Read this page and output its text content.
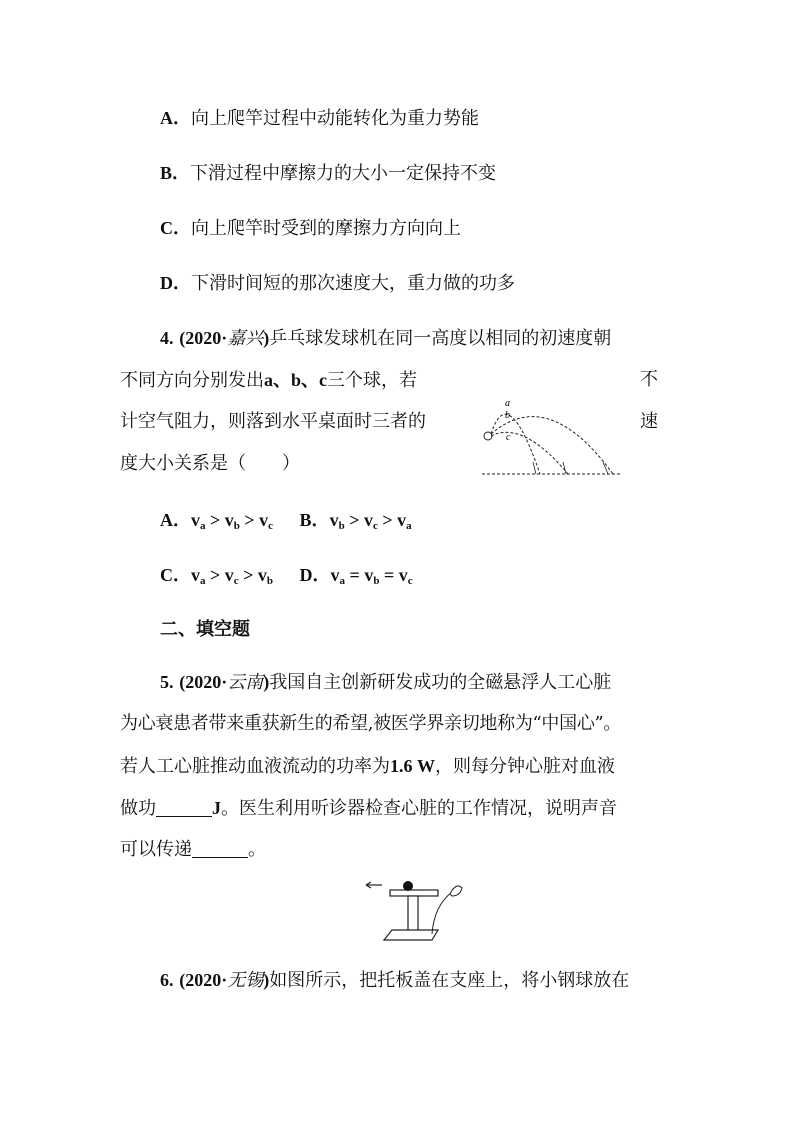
A．向上爬竿过程中动能转化为重力势能
B．下滑过程中摩擦力的大小一定保持不变
C．向上爬竿时受到的摩擦力方向向上
D．下滑时间短的那次速度大，重力做的功多
4. (2020·嘉兴)乒乓球发球机在同一高度以相同的初速度朝
不同方向分别发出a、b、c三个球，若	不
计空气阻力，则落到水平桌面时三者的	速
度大小关系是（　　）
a
b
c
A．$v_a > v_b > v_c$ B．$v_b > v_c > v_a$
C．$v_a > v_c > v_b$ D．$v_a = v_b = v_c$
二、填空题
5. (2020·云南)我国自主创新研发成功的全磁悬浮人工心脏
为心衰患者带来重获新生的希望,被医学界亲切地称为“中国心”。
若人工心脏推动血液流动的功率为1.6 W，则每分钟心脏对血液
做功	J。医生利用听诊器检查心脏的工作情况，说明声音
可以传递	。
6. (2020·无锡)如图所示，把托板盖在支座上，将小钢球放在
